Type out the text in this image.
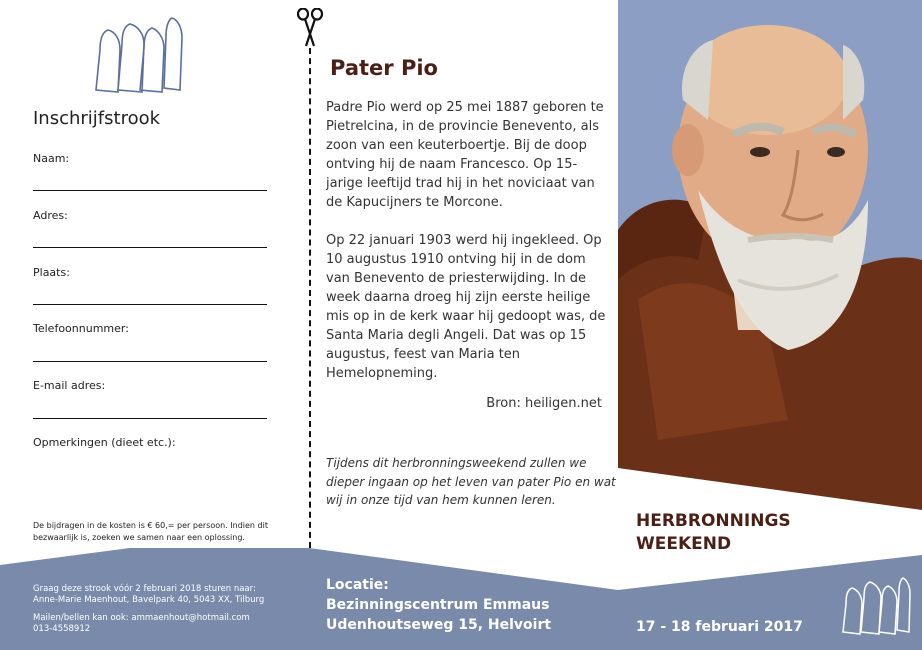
Inschrijfstrook
Naam:
Adres:
Plaats:
Telefoonnummer:
E-mail adres:
Opmerkingen (dieet etc.):
De bijdragen in de kosten is € 60,= per persoon. Indien dit bezwaarlijk is, zoeken we samen naar een oplossing.
Pater Pio
Padre Pio werd op 25 mei 1887 geboren te Pietrelcina, in de provincie Benevento, als zoon van een keuterboertje. Bij de doop ontving hij de naam Francesco. Op 15-jarige leeftijd trad hij in het noviciaat van de Kapucijners te Morcone.
Op 22 januari 1903 werd hij ingekleed. Op 10 augustus 1910 ontving hij in de dom van Benevento de priesterwijding. In de week daarna droeg hij zijn eerste heilige mis op in de kerk waar hij gedoopt was, de Santa Maria degli Angeli. Dat was op 15 augustus, feest van Maria ten Hemelopneming.
Bron: heiligen.net
Tijdens dit herbronningsweekend zullen we dieper ingaan op het leven van pater Pio en wat wij in onze tijd van hem kunnen leren.
HERBRONNINGS
WEEKEND
Graag deze strook vóór 2 februari 2018 sturen naar:
Anne-Marie Maenhout, Bavelpark 40, 5043 XX, Tilburg
Mailen/bellen kan ook: ammaenhout@hotmail.com
013-4558912
Locatie:
Bezinningscentrum Emmaus
Udenhoutseweg 15, Helvoirt	17 - 18 februari 2017
